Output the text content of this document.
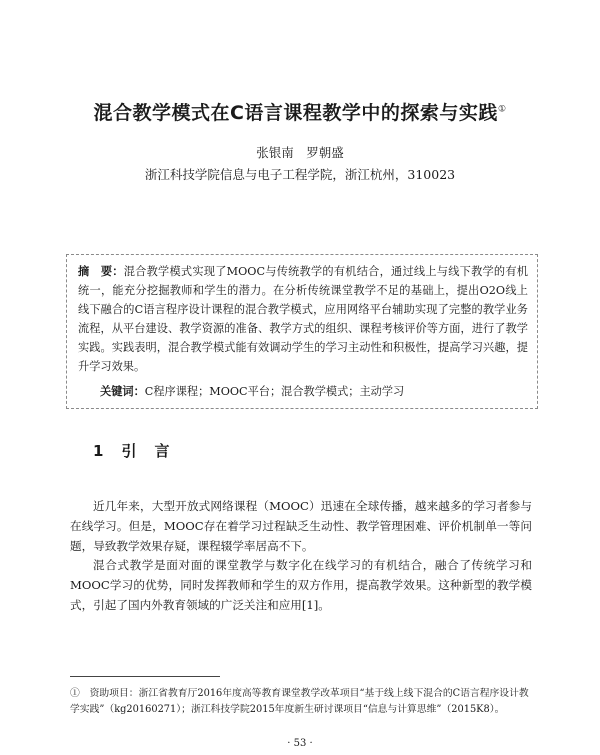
混合教学模式在C语言课程教学中的探索与实践①
张银南　罗朝盛
浙江科技学院信息与电子工程学院，浙江杭州，310023
摘　要：混合教学模式实现了MOOC与传统教学的有机结合，通过线上与线下教学的有机统一，能充分挖掘教师和学生的潜力。在分析传统课堂教学不足的基础上，提出O2O线上线下融合的C语言程序设计课程的混合教学模式，应用网络平台辅助实现了完整的教学业务流程，从平台建设、教学资源的准备、教学方式的组织、课程考核评价等方面，进行了教学实践。实践表明，混合教学模式能有效调动学生的学习主动性和积极性，提高学习兴趣，提升学习效果。
关键词：C程序课程；MOOC平台；混合教学模式；主动学习
1 引言

近几年来，大型开放式网络课程（MOOC）迅速在全球传播，越来越多的学习者参与在线学习。但是，MOOC存在着学习过程缺乏生动性、教学管理困难、评价机制单一等问题，导致教学效果存疑，课程辍学率居高不下。

混合式教学是面对面的课堂教学与数字化在线学习的有机结合，融合了传统学习和MOOC学习的优势，同时发挥教师和学生的双方作用，提高教学效果。这种新型的教学模式，引起了国内外教育领域的广泛关注和应用[1]。

①　资助项目：浙江省教育厅2016年度高等教育课堂教学改革项目“基于线上线下混合的C语言程序设计教学实践”（kg20160271）；浙江科技学院2015年度新生研讨课项目“信息与计算思维”（2015K8）。
· 53 ·
